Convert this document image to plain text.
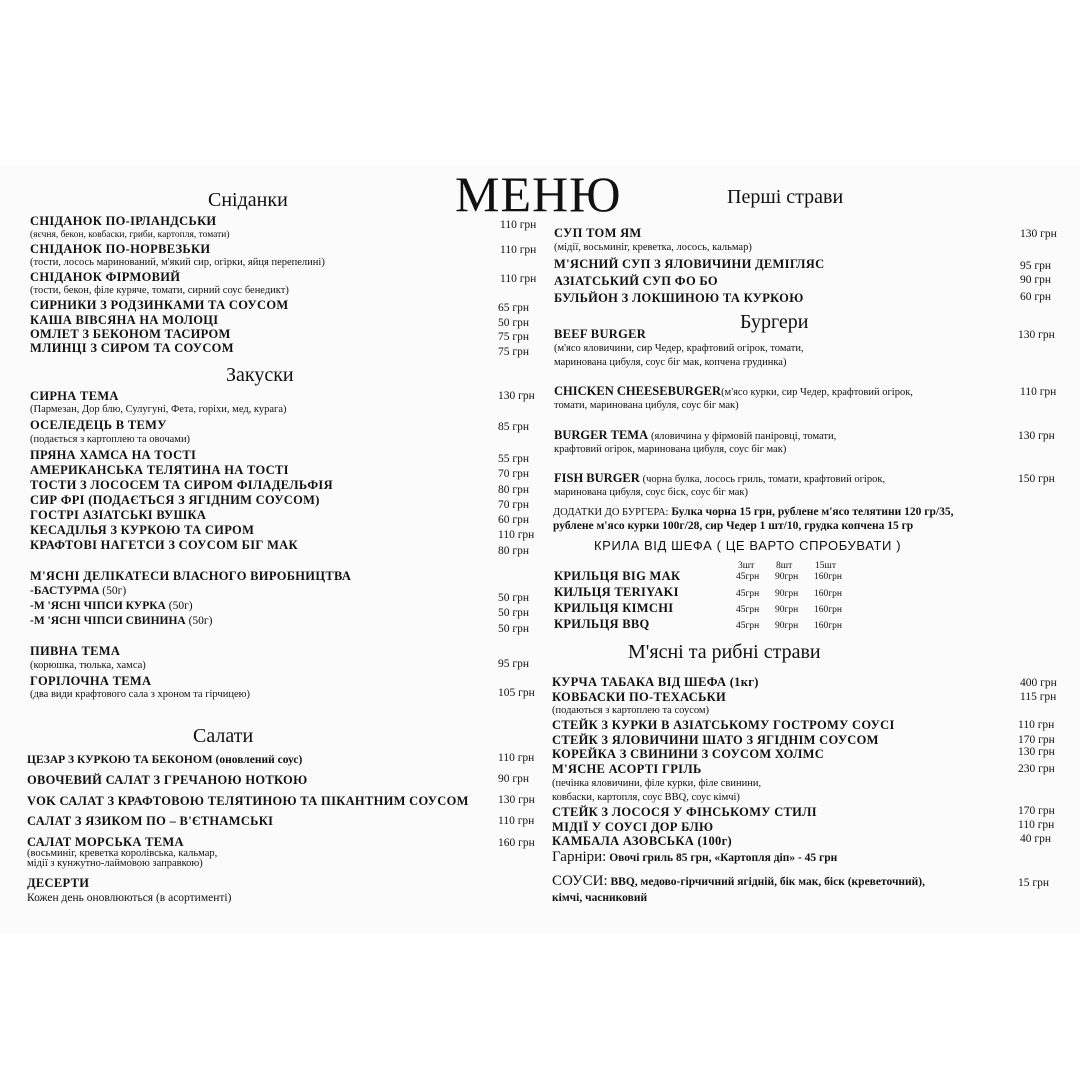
МЕНЮ
Сніданки
СНІДАНОК ПО-ІРЛАНДСЬКИ
(яєчня, бекон, ковбаски, гриби, картопля, томати)
110 грн
СНІДАНОК ПО-НОРВЕЗЬКИ
(тости, лосось маринований, м'який сир, огірки, яйця перепелині)
110 грн
СНІДАНОК ФІРМОВИЙ
(тости, бекон, філе куряче, томати, сирний соус бенедикт)
110 грн
СИРНИКИ З РОДЗИНКАМИ ТА СОУСОМ	65 грн
КАША ВІВСЯНА НА МОЛОЦІ	50 грн
ОМЛЕТ З БЕКОНОМ ТАСИРОМ	75 грн
МЛИНЦІ З СИРОМ ТА СОУСОМ	75 грн
Закуски
СИРНА ТЕМА
(Пармезан, Дор блю, Сулугуні, Фета, горіхи, мед, курага)
130 грн
ОСЕЛЕДЕЦЬ В ТЕМУ
(подається з картоплею та овочами)
85 грн
ПРЯНА ХАМСА НА ТОСТІ	55 грн
АМЕРИКАНСЬКА ТЕЛЯТИНА НА ТОСТІ	70 грн
ТОСТИ З ЛОСОСЕМ ТА СИРОМ ФІЛАДЕЛЬФІЯ	80 грн
СИР ФРІ (ПОДАЄТЬСЯ З ЯГІДНИМ СОУСОМ)	70 грн
ГОСТРІ АЗІАТСЬКІ ВУШКА	60 грн
КЕСАДІЛЬЯ З КУРКОЮ ТА СИРОМ	110 грн
КРАФТОВІ НАГЕТСИ З СОУСОМ БІГ МАК	80 грн
М'ЯСНІ ДЕЛІКАТЕСИ ВЛАСНОГО ВИРОБНИЦТВА
-БАСТУРМА (50г)
50 грн
-М 'ЯСНІ ЧІПСИ КУРКА (50г)
50 грн
-М 'ЯСНІ ЧІПСИ СВИНИНА (50г)
50 грн
ПИВНА ТЕМА
(корюшка, тюлька, хамса)	95 грн
ГОРІЛОЧНА ТЕМА
(два види крафтового сала з хроном та гірчицею)	105 грн
Салати
ЦЕЗАР З КУРКОЮ ТА БЕКОНОМ (оновлений соус)	110 грн
ОВОЧЕВИЙ САЛАТ З ГРЕЧАНОЮ НОТКОЮ	90 грн
VOK САЛАТ З КРАФТОВОЮ ТЕЛЯТИНОЮ ТА ПІКАНТНИМ СОУСОМ	130 грн
САЛАТ З ЯЗИКОМ ПО – В'ЄТНАМСЬКІ	110 грн
САЛАТ МОРСЬКА ТЕМА
(восьминіг, креветка королівська, кальмар,
мідії з кунжутно-лаймовою заправкою)
160 грн
ДЕСЕРТИ
Кожен день оновлюються (в асортименті)
Перші страви
СУП ТОМ ЯМ
(мідії, восьминіг, креветка, лосось, кальмар)
130 грн
М'ЯСНИЙ СУП З ЯЛОВИЧИНИ ДЕМІГЛЯС	95 грн
АЗІАТСЬКИЙ СУП ФО БО	90 грн
БУЛЬЙОН З ЛОКШИНОЮ ТА КУРКОЮ	60 грн
Бургери
BEEF BURGER
(м'ясо яловичини, сир Чедер, крафтовий огірок, томати,
маринована цибуля, соус біг мак, копчена грудинка)
130 грн
CHICKEN CHEESEBURGER(м'ясо курки, сир Чедер, крафтовий огірок,
томати, маринована цибуля, соус біг мак)
110 грн
BURGER ТЕМА (яловичина у фірмовій паніровці, томати,
крафтовий огірок, маринована цибуля, соус біг мак)
130 грн
FISH BURGER (чорна булка, лосось гриль, томати, крафтовий огірок,
маринована цибуля, соус біск, соус біг мак)
150 грн
ДОДАТКИ ДО БУРГЕРА: Булка чорна 15 грн, рублене м'ясо телятини 120 гр/35,
рублене м'ясо курки 100г/28, сир Чедер 1 шт/10, грудка копчена 15 гр
КРИЛА ВІД ШЕФА ( ЦЕ ВАРТО СПРОБУВАТИ )
3шт 8шт 15шт
КРИЛЬЦЯ BIG МАК	45грн 90грн 160грн
КИЛЬЦЯ TERIYAKI	45грн 90грн 160грн
КРИЛЬЦЯ КІМСНІ	45грн 90грн 160грн
КРИЛЬЦЯ BBQ	45грн 90грн 160грн
М'ясні та рибні страви
КУРЧА ТАБАКА ВІД ШЕФА (1кг)	400 грн
КОВБАСКИ ПО-ТЕХАСЬКИ
(подаються з картоплею та соусом)
115 грн
СТЕЙК З КУРКИ В АЗІАТСЬКОМУ ГОСТРОМУ СОУСІ	110 грн
СТЕЙК З ЯЛОВИЧИНИ ШАТО З ЯГІДНІМ СОУСОМ	170 грн
КОРЕЙКА З СВИНИНИ З СОУСОМ ХОЛМС	130 грн
М'ЯСНЕ АСОРТІ ГРІЛЬ
(печінка яловичини, філе курки, філе свинини,
ковбаски, картопля, соус BBQ, соус кімчі)
230 грн
СТЕЙК З ЛОСОСЯ У ФІНСЬКОМУ СТИЛІ	170 грн
МІДІЇ У СОУСІ ДОР БЛЮ	110 грн
КАМБАЛА АЗОВСЬКА (100г)	40 грн
Гарніри: Овочі гриль 85 грн, «Картопля діп» - 45 грн
СОУСИ: BBQ, медово-гірчичний ягідній, бік мак, біск (креветочний),
кімчі, часниковий
15 грн
